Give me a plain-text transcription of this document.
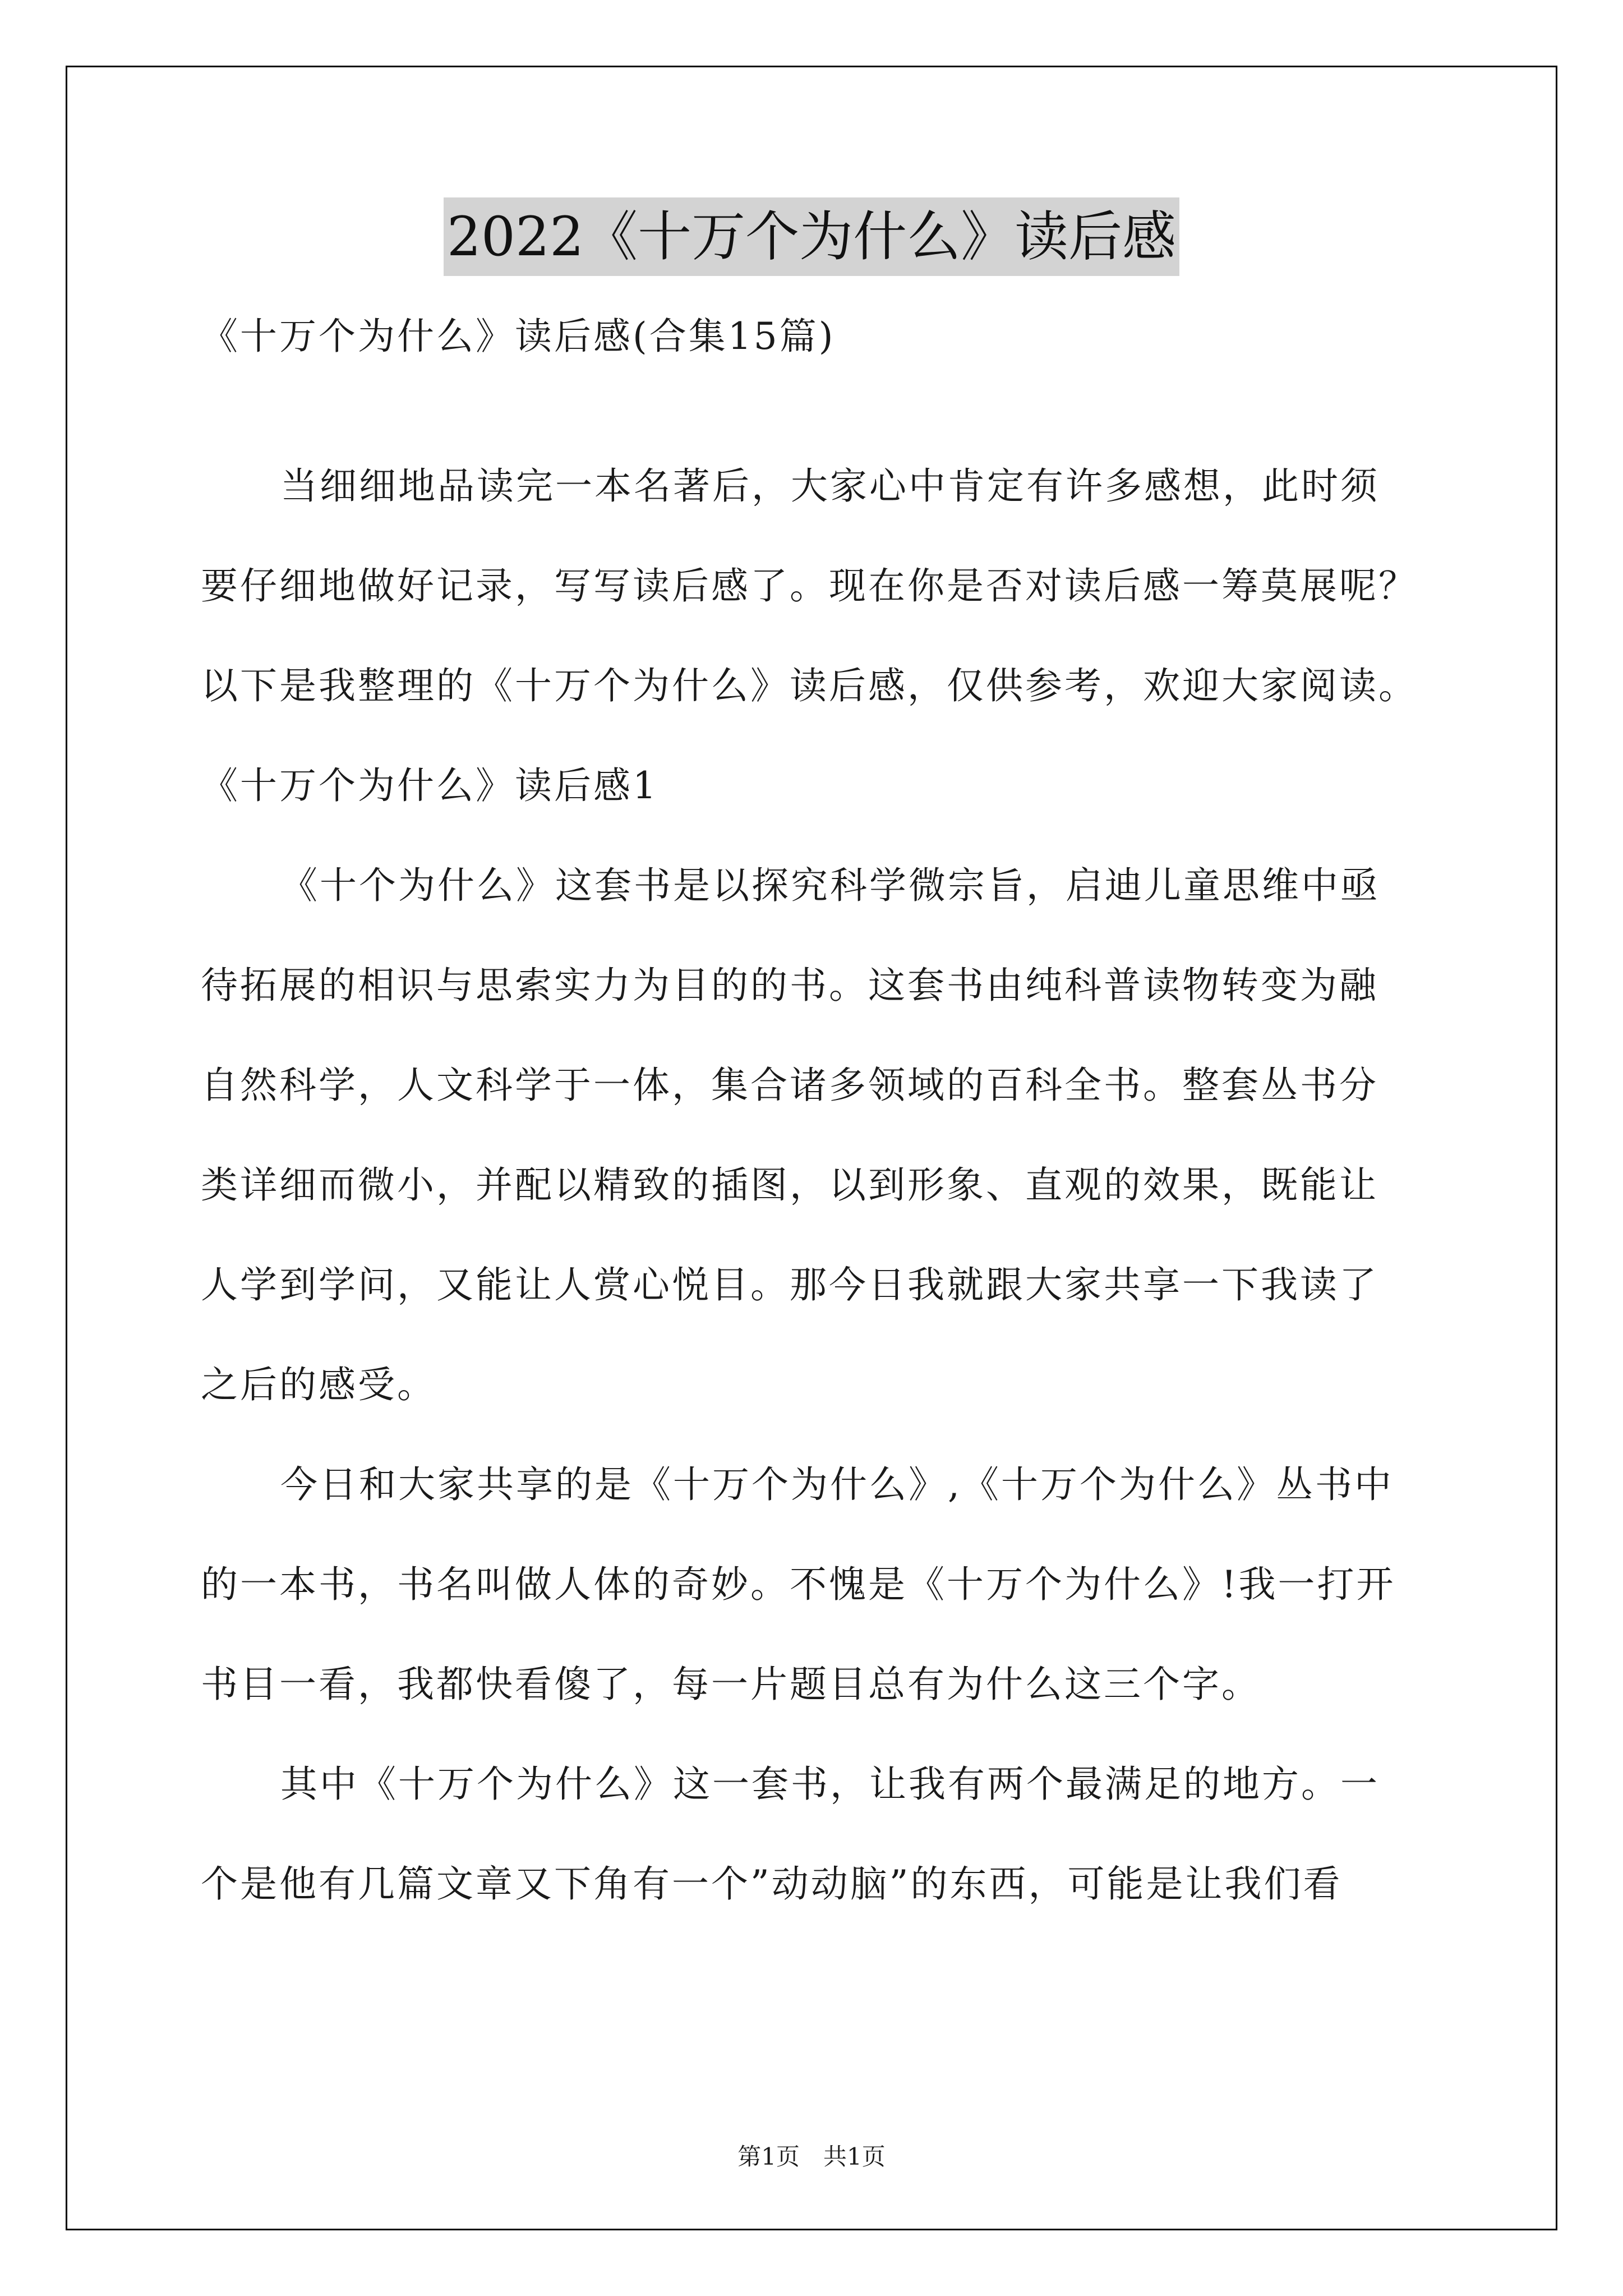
2022《十万个为什么》读后感
《十万个为什么》读后感(合集15篇)
当细细地品读完一本名著后，大家心中肯定有许多感想，此时须
要仔细地做好记录，写写读后感了。现在你是否对读后感一筹莫展呢？
以下是我整理的《十万个为什么》读后感，仅供参考，欢迎大家阅读。
《十万个为什么》读后感1
《十个为什么》这套书是以探究科学微宗旨，启迪儿童思维中亟
待拓展的相识与思索实力为目的的书。这套书由纯科普读物转变为融
自然科学，人文科学于一体，集合诸多领域的百科全书。整套丛书分
类详细而微小，并配以精致的插图，以到形象、直观的效果，既能让
人学到学问，又能让人赏心悦目。那今日我就跟大家共享一下我读了
之后的感受。
今日和大家共享的是《十万个为什么》,《十万个为什么》丛书中
的一本书，书名叫做人体的奇妙。不愧是《十万个为什么》!我一打开
书目一看，我都快看傻了，每一片题目总有为什么这三个字。
其中《十万个为什么》这一套书，让我有两个最满足的地方。一
个是他有几篇文章又下角有一个”动动脑”的东西，可能是让我们看
第1页　共1页
